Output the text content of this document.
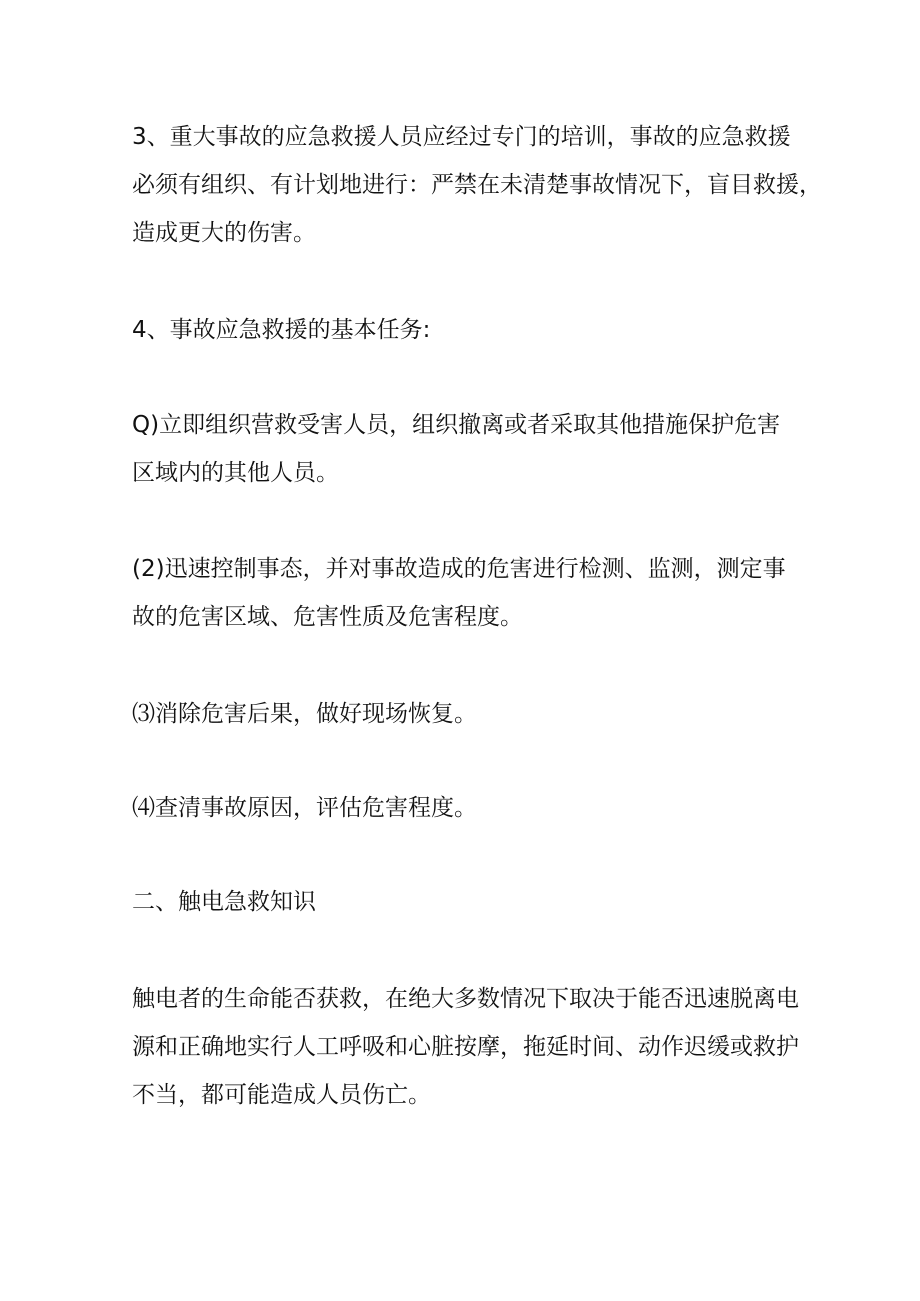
3、重大事故的应急救援人员应经过专门的培训，事故的应急救援
必须有组织、有计划地进行：严禁在未清楚事故情况下，盲目救援，
造成更大的伤害。

4、事故应急救援的基本任务:

Q)立即组织营救受害人员，组织撤离或者采取其他措施保护危害
区域内的其他人员。

(2)迅速控制事态，并对事故造成的危害进行检测、监测，测定事
故的危害区域、危害性质及危害程度。

⑶消除危害后果，做好现场恢复。

⑷查清事故原因，评估危害程度。

二、触电急救知识

触电者的生命能否获救，在绝大多数情况下取决于能否迅速脱离电
源和正确地实行人工呼吸和心脏按摩，拖延时间、动作迟缓或救护
不当，都可能造成人员伤亡。
